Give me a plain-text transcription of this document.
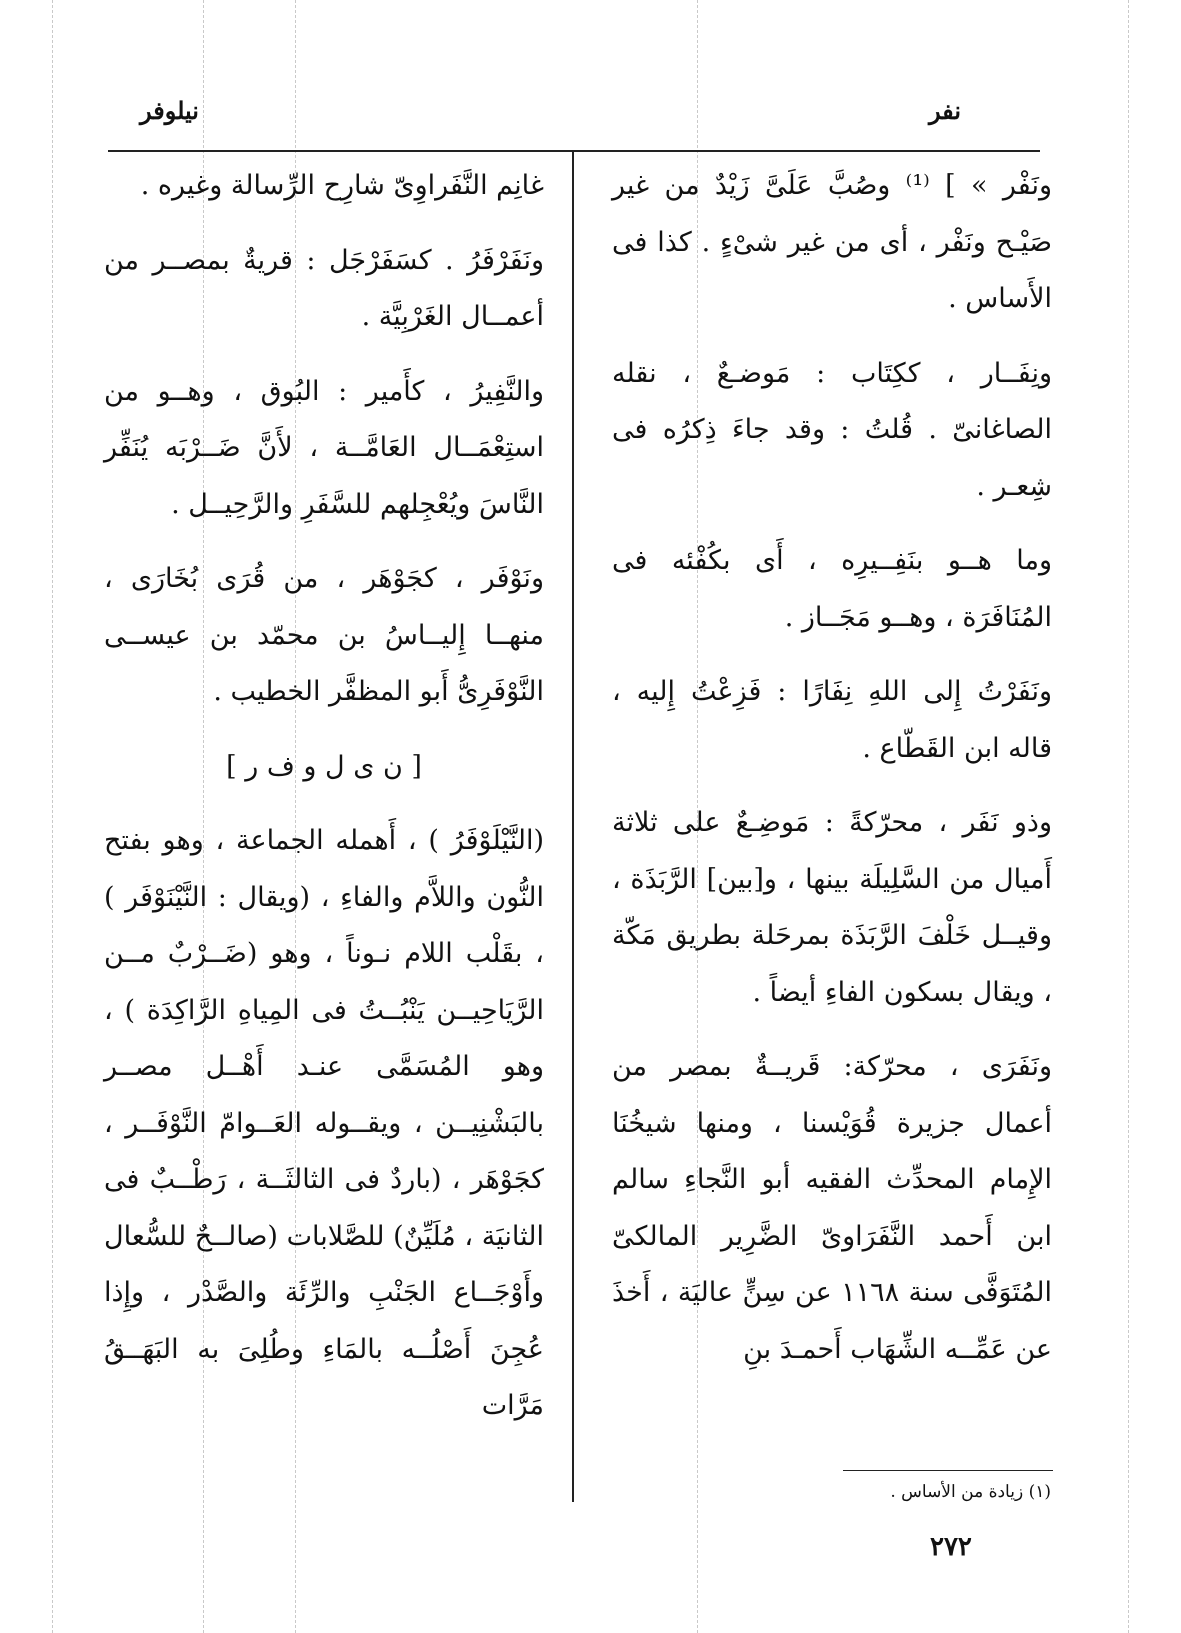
نفر
نيلوفر

ونَفْر » ] ⁽¹⁾ وصُبَّ عَلَىَّ زَيْدٌ من غير صَيْـح ونَفْر ، أى من غير شىْءٍ . كذا فى الأَساس .

ونِفَــار ، ككِتَاب : مَوضـعٌ ، نقله الصاغانىّ . قُلتُ : وقد جاءَ ذِكرُه فى شِعـر .

وما هــو بنَفِــيرِه ، أَى بكُفْئه فى المُنَافَرَة ، وهــو مَجَــاز .

ونَفَرْتُ إِلى اللهِ نِفَارًا : فَزِعْتُ إِليه ، قاله ابن القَطّاع .

وذو نَفَر ، محرّكةً : مَوضِـعٌ على ثلاثة أَميال من السَّلِيلَة بينها ، و[بين] الرَّبَذَة ، وقيــل خَلْفَ الرَّبَذَة بمرحَلة بطريق مَكّة ، ويقال بسكون الفاءِ أيضاً .

ونَفَرَى ، محرّكة: قَريــةٌ بمصر من أعمال جزيرة قُوَيْسنا ، ومنها شيخُنَا الإِمام المحدِّث الفقيه أبو النَّجاءِ سالم ابن أَحمد النَّفَرَاوىّ الضَّرِير المالكىّ المُتَوَفَّى سنة ١١٦٨ عن سِنٍّ عاليَة ، أَخذَ عن عَمِّــه الشِّهَاب أَحمـدَ بنِ

غانِم النَّفَراوِىّ شارِح الرِّسالة وغيره .

ونَفَرْفَرُ . كسَفَرْجَل : قريةٌ بمصــر من أعمــال الغَرْبِيَّة .

والنَّفِيرُ ، كأَمير : البُوق ، وهــو من استِعْمَــال العَامَّــة ، لأَنَّ ضَــرْبَه يُنَفِّر النَّاسَ ويُعْجِلهم للسَّفَرِ والرَّحِيــل .

ونَوْفَر ، كجَوْهَر ، من قُرَى بُخَارَى ، منهــا إِليــاسُ بن محمّد بن عيســى النَّوْفَرِىُّ أَبو المظفَّر الخطيب .

[ ن ى ل و ف ر ]

(النَّيْلَوْفَرُ ) ، أَهمله الجماعة ، وهو بفتح النُّون واللاَّم والفاءِ ، (ويقال : النَّيْنَوْفَر ) ، بقَلْب اللام نـوناً ، وهو (ضَــرْبٌ مــن الرَّيَاحِيــن يَنْبُــتُ فى المِياهِ الرَّاكِدَة ) ، وهو المُسَمَّى عنـد أَهْــل مصــر بالبَشْنِيــن ، ويقــوله العَــوامّ النَّوْفَــر ، كجَوْهَر ، (باردٌ فى الثالثَــة ، رَطْــبٌ فى الثانيَة ، مُلَيِّنٌ) للصَّلابات (صالــحٌ للسُّعال وأَوْجَــاع الجَنْبِ والرِّئَة والصَّدْر ، وإِذا عُجِنَ أَصْلُــه بالمَاءِ وطُلِىَ به البَهَــقُ مَرَّات

(١) زيادة من الأساس .
٢٧٢
